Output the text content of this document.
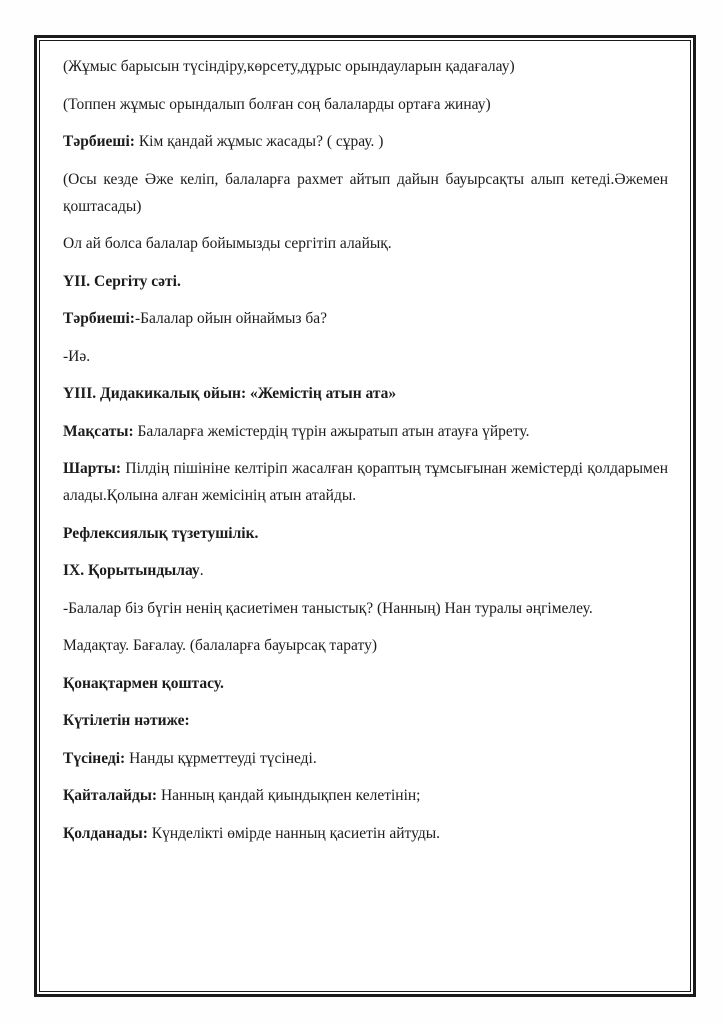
(Жұмыс барысын түсіндіру,көрсету,дұрыс орындауларын қадағалау)

(Топпен жұмыс орындалып болған соң балаларды ортаға жинау)

Тәрбиеші: Кім қандай жұмыс жасады? ( сұрау. )

(Осы кезде Әже келіп, балаларға рахмет айтып дайын бауырсақты алып кетеді.Әжемен қоштасады)

Ол ай болса балалар бойымызды сергітіп алайық.

ҮІІ. Сергіту сәті.

Тәрбиеші:-Балалар ойын ойнаймыз ба?

-Иә.

ҮІІІ. Дидакикалық ойын: «Жемістің атын ата»

Мақсаты: Балаларға жемістердің түрін ажыратып атын атауға үйрету.

Шарты: Пілдің пішініне келтіріп жасалған қораптың тұмсығынан жемістерді қолдарымен алады.Қолына алған жемісінің атын атайды.

Рефлексиялық түзетушілік.

ІХ. Қорытындылау.

-Балалар біз бүгін ненің қасиетімен таныстық? (Нанның) Нан туралы әңгімелеу.

Мадақтау. Бағалау. (балаларға бауырсақ тарату)

Қонақтармен қоштасу.

Күтілетін нәтиже:

Түсінеді: Нанды құрметтеуді түсінеді.

Қайталайды: Нанның қандай қиындықпен келетінін;

Қолданады: Күнделікті өмірде нанның қасиетін айтуды.
